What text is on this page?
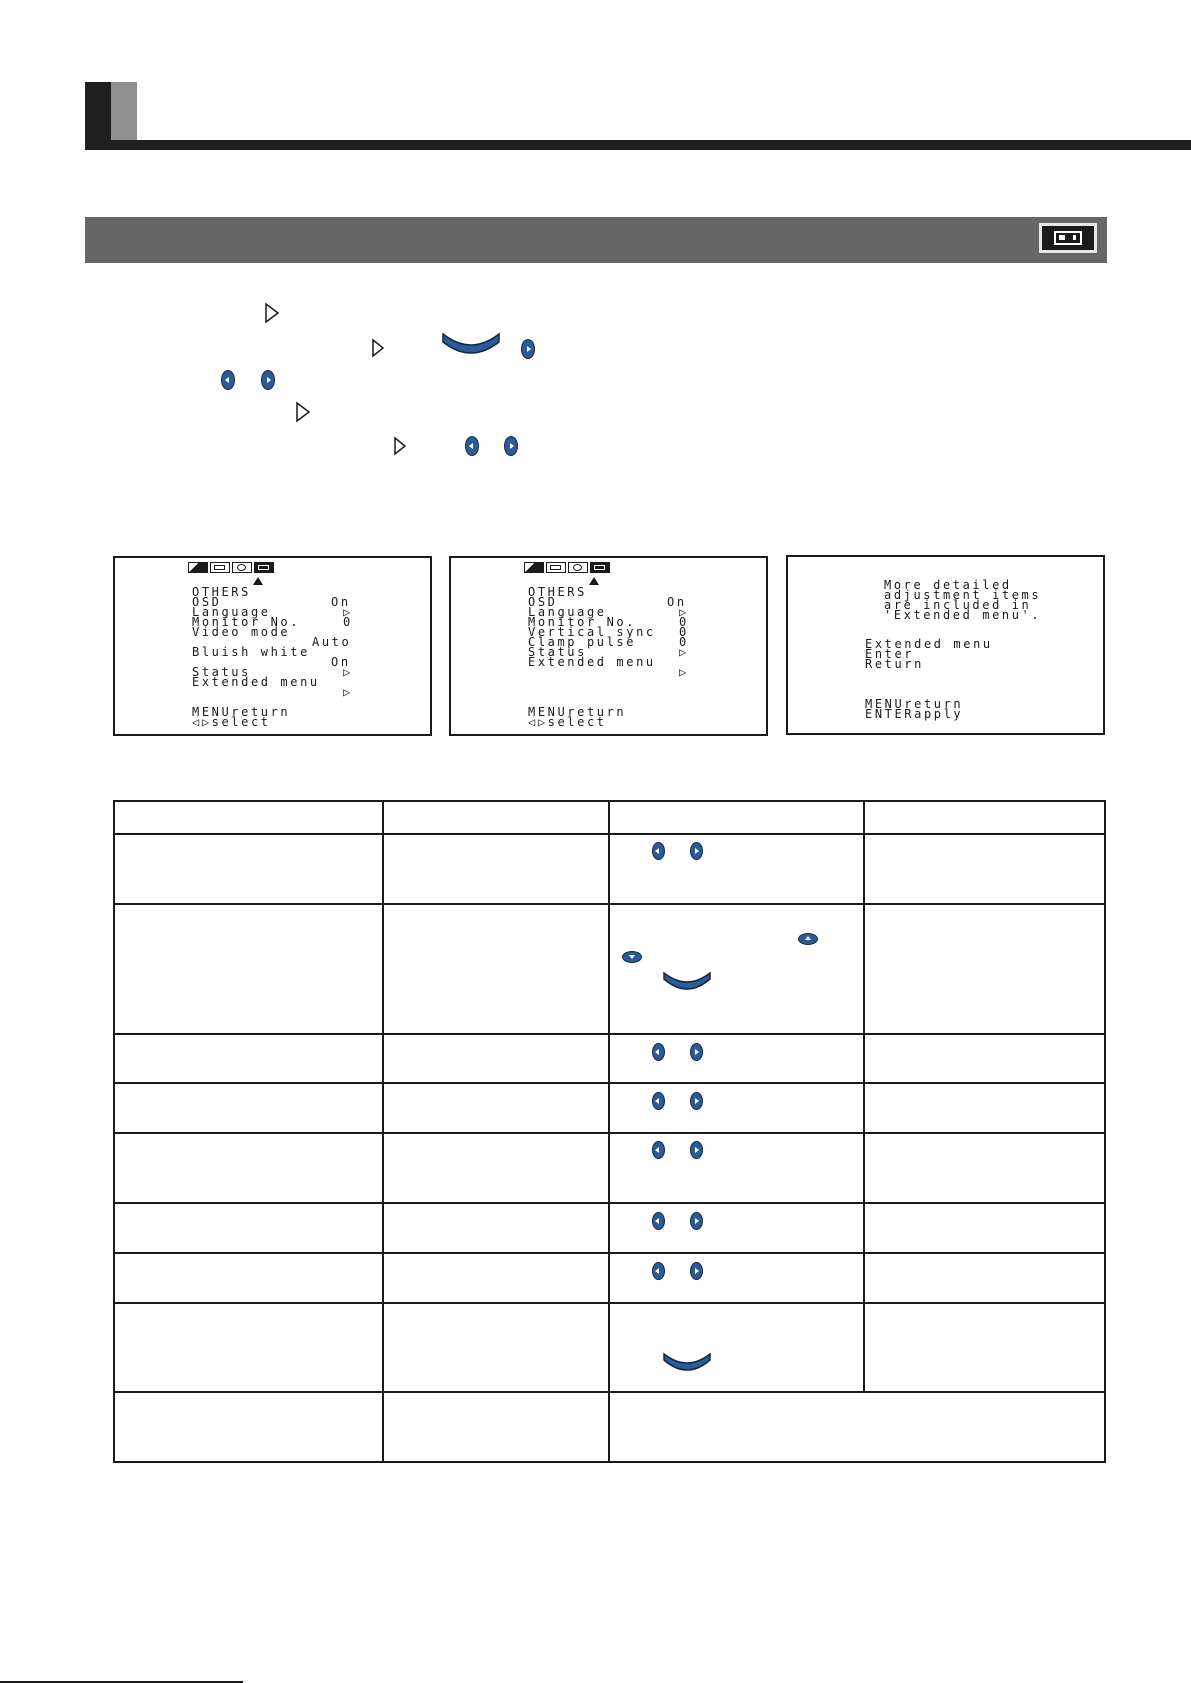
OTHERS
OSD	On
Language	▷
Monitor No.	0
Video mode
Auto
Bluish white
On
Status	▷
Extended menu
▷
MENUreturn
◁▷select
OTHERS
OSD	On
Language	▷
Monitor No.	0
Vertical sync 0
Clamp pulse	0
Status	▷
Extended menu
▷
MENUreturn
◁▷select
More detailed
adjustment items
are included in
'Extended menu'.
Extended menu
Enter
Return
MENUreturn
ENTERapply
